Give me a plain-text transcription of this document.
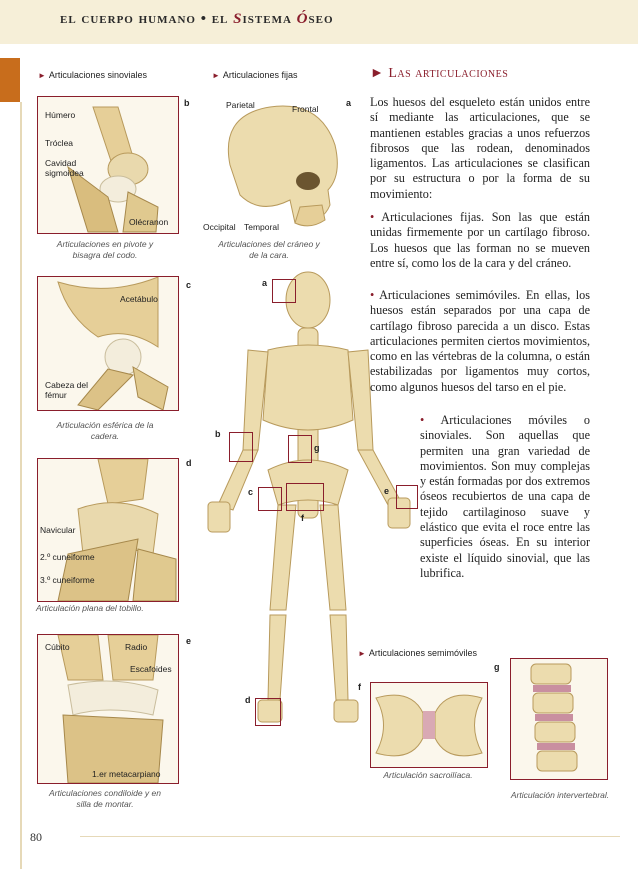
el cuerpo humano • el Sistema Óseo
► Articulaciones sinoviales	► Articulaciones fijas
Húmero
Tróclea
Cavidad sigmoidea
Olécranon
Articulaciones en pivote y bisagra del codo.
b
Acetábulo
Cabeza del fémur
Articulación esférica de la cadera.
c
Navicular
2.º cuneiforme
3.º cuneiforme
Articulación plana del tobillo.
d
Cúbito	Radio
Escafoides
1.er metacarpiano
Articulaciones condiloide y en silla de montar.
e
Parietal	Frontal
Occipital Temporal
Articulaciones del cráneo y de la cara.
a
a
b
c
d
e
f
g
► Las articulaciones
Los huesos del esqueleto están unidos entre sí mediante las articulaciones, que se mantienen estables gracias a unos refuerzos fibrosos que las rodean, denominados ligamentos. Las articulaciones se clasifican por su estructura o por la forma de su movimiento:
• Articulaciones fijas. Son las que están unidas firmemente por un cartílago fibroso. Los huesos que las forman no se mueven entre sí, como los de la cara y del cráneo.
• Articulaciones semimóviles. En ellas, los huesos están separados por una capa de cartílago fibroso parecida a un disco. Estas articulaciones permiten ciertos movimientos, como en las vértebras de la columna, o están estabilizadas por ligamentos muy cortos, como algunos huesos del tarso en el pie.
• Articulaciones móviles o sinoviales. Son aquellas que permiten una gran variedad de movimientos. Son muy complejas y están formadas por dos extremos óseos recubiertos de una capa de tejido cartilaginoso suave y elástico que evita el roce entre las superficies óseas. En su interior existe el líquido sinovial, que las lubrifica.
► Articulaciones semimóviles
f
Articulación sacroilíaca.
g
Articulación intervertebral.
80
